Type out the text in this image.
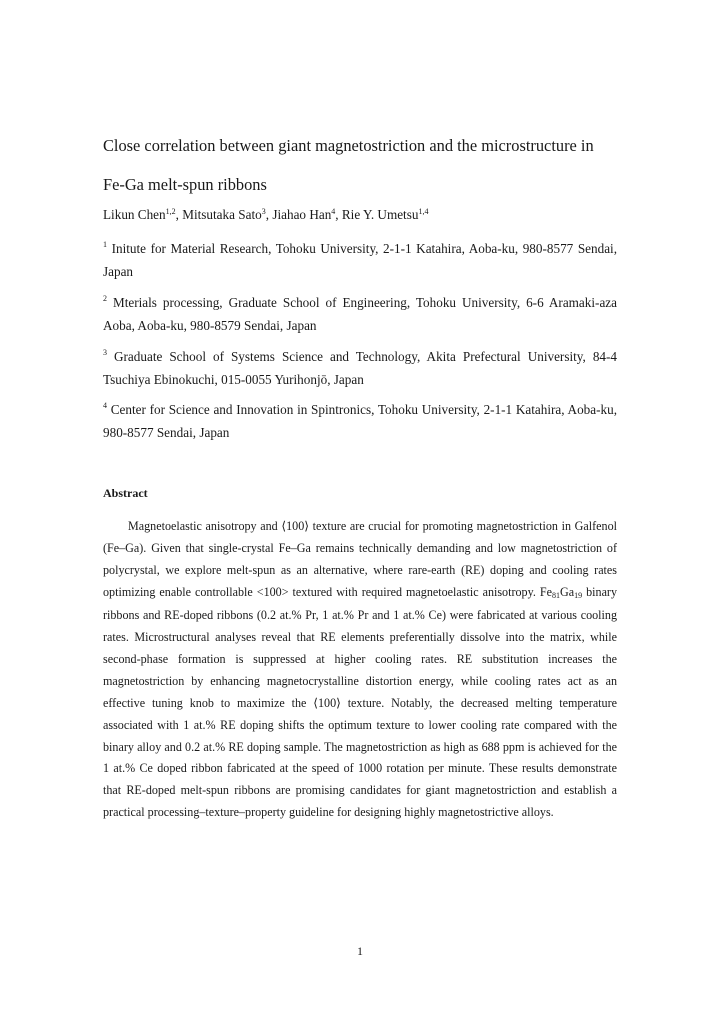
Close correlation between giant magnetostriction and the microstructure in Fe-Ga melt-spun ribbons
Likun Chen$^{1,2}$, Mitsutaka Sato$^3$, Jiahao Han$^4$, Rie Y. Umetsu$^{1,4}$
$^1$ Initute for Material Research, Tohoku University, 2-1-1 Katahira, Aoba-ku, 980-8577 Sendai, Japan
$^2$ Mterials processing, Graduate School of Engineering, Tohoku University, 6-6 Aramaki-aza Aoba, Aoba-ku, 980-8579 Sendai, Japan
$^3$ Graduate School of Systems Science and Technology, Akita Prefectural University, 84-4 Tsuchiya Ebinokuchi, 015-0055 Yurihonjō, Japan
$^4$ Center for Science and Innovation in Spintronics, Tohoku University, 2-1-1 Katahira, Aoba-ku, 980-8577 Sendai, Japan
Abstract

Magnetoelastic anisotropy and ⟨100⟩ texture are crucial for promoting magnetostriction in Galfenol (Fe–Ga). Given that single-crystal Fe–Ga remains technically demanding and low magnetostriction of polycrystal, we explore melt-spun as an alternative, where rare-earth (RE) doping and cooling rates optimizing enable controllable <100> textured with required magnetoelastic anisotropy. $Fe_{81}Ga_{19}$ binary ribbons and RE-doped ribbons (0.2 at.% Pr, 1 at.% Pr and 1 at.% Ce) were fabricated at various cooling rates. Microstructural analyses reveal that RE elements preferentially dissolve into the matrix, while second-phase formation is suppressed at higher cooling rates. RE substitution increases the magnetostriction by enhancing magnetocrystalline distortion energy, while cooling rates act as an effective tuning knob to maximize the ⟨100⟩ texture. Notably, the decreased melting temperature associated with 1 at.% RE doping shifts the optimum texture to lower cooling rate compared with the binary alloy and 0.2 at.% RE doping sample. The magnetostriction as high as 688 ppm is achieved for the 1 at.% Ce doped ribbon fabricated at the speed of 1000 rotation per minute. These results demonstrate that RE-doped melt-spun ribbons are promising candidates for giant magnetostriction and establish a practical processing–texture–property guideline for designing highly magnetostrictive alloys.

1
